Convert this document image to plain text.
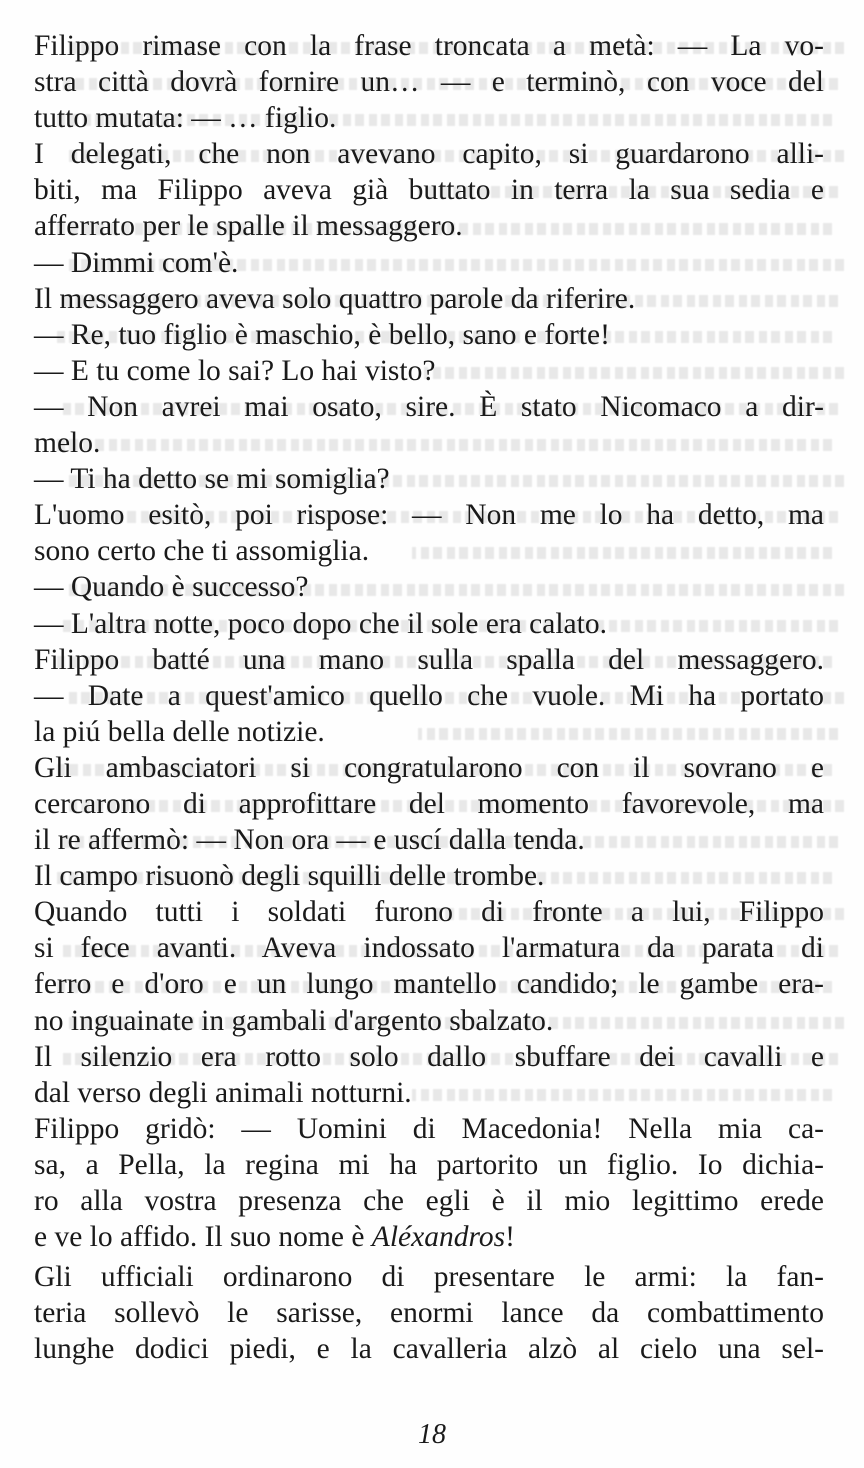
Filippo rimase con la frase troncata a metà: — La vo-
stra città dovrà fornire un… — e terminò, con voce del
tutto mutata: — … figlio.
I delegati, che non avevano capito, si guardarono alli-
biti, ma Filippo aveva già buttato in terra la sua sedia e
afferrato per le spalle il messaggero.
— Dimmi com'è.
Il messaggero aveva solo quattro parole da riferire.
— Re, tuo figlio è maschio, è bello, sano e forte!
— E tu come lo sai? Lo hai visto?
— Non avrei mai osato, sire. È stato Nicomaco a dir-
melo.
— Ti ha detto se mi somiglia?
L'uomo esitò, poi rispose: — Non me lo ha detto, ma
sono certo che ti assomiglia.
— Quando è successo?
— L'altra notte, poco dopo che il sole era calato.
Filippo batté una mano sulla spalla del messaggero.
— Date a quest'amico quello che vuole. Mi ha portato
la piú bella delle notizie.
Gli ambasciatori si congratularono con il sovrano e
cercarono di approfittare del momento favorevole, ma
il re affermò: — Non ora — e uscí dalla tenda.
Il campo risuonò degli squilli delle trombe.
Quando tutti i soldati furono di fronte a lui, Filippo
si fece avanti. Aveva indossato l'armatura da parata di
ferro e d'oro e un lungo mantello candido; le gambe era-
no inguainate in gambali d'argento sbalzato.
Il silenzio era rotto solo dallo sbuffare dei cavalli e
dal verso degli animali notturni.
Filippo gridò: — Uomini di Macedonia! Nella mia ca-
sa, a Pella, la regina mi ha partorito un figlio. Io dichia-
ro alla vostra presenza che egli è il mio legittimo erede
e ve lo affido. Il suo nome è Aléxandros!
Gli ufficiali ordinarono di presentare le armi: la fan-
teria sollevò le sarisse, enormi lance da combattimento
lunghe dodici piedi, e la cavalleria alzò al cielo una sel-
18
